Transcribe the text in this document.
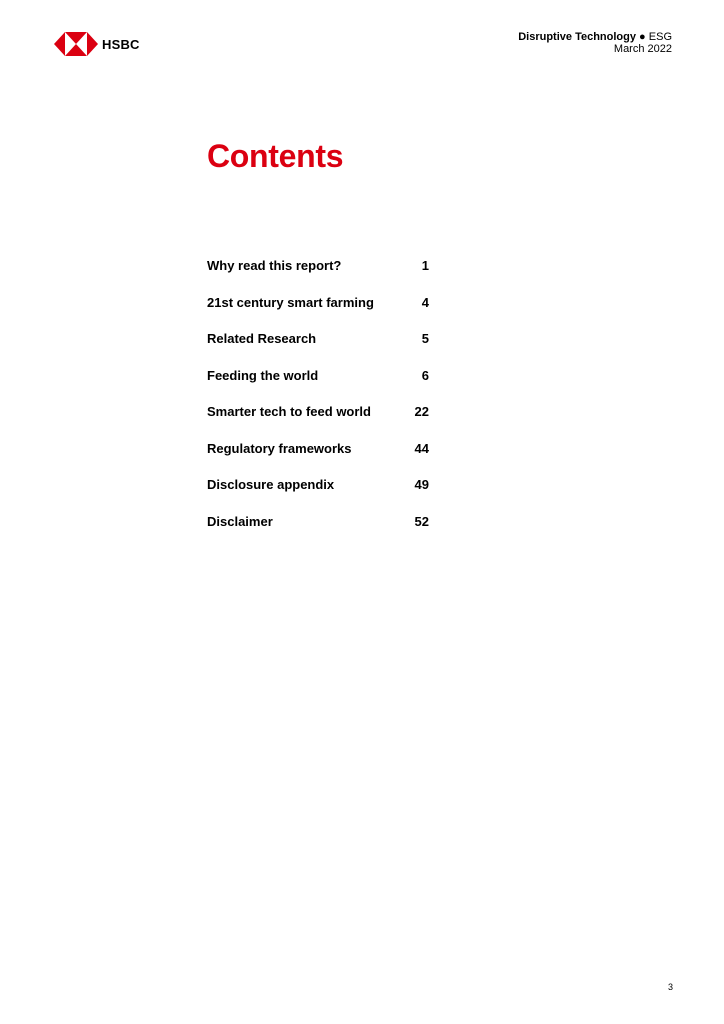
HSBC	Disruptive Technology ● ESG
March 2022
Contents
Why read this report?	1
21st century smart farming	4
Related Research	5
Feeding the world	6
Smarter tech to feed world	22
Regulatory frameworks	44
Disclosure appendix	49
Disclaimer	52
3
